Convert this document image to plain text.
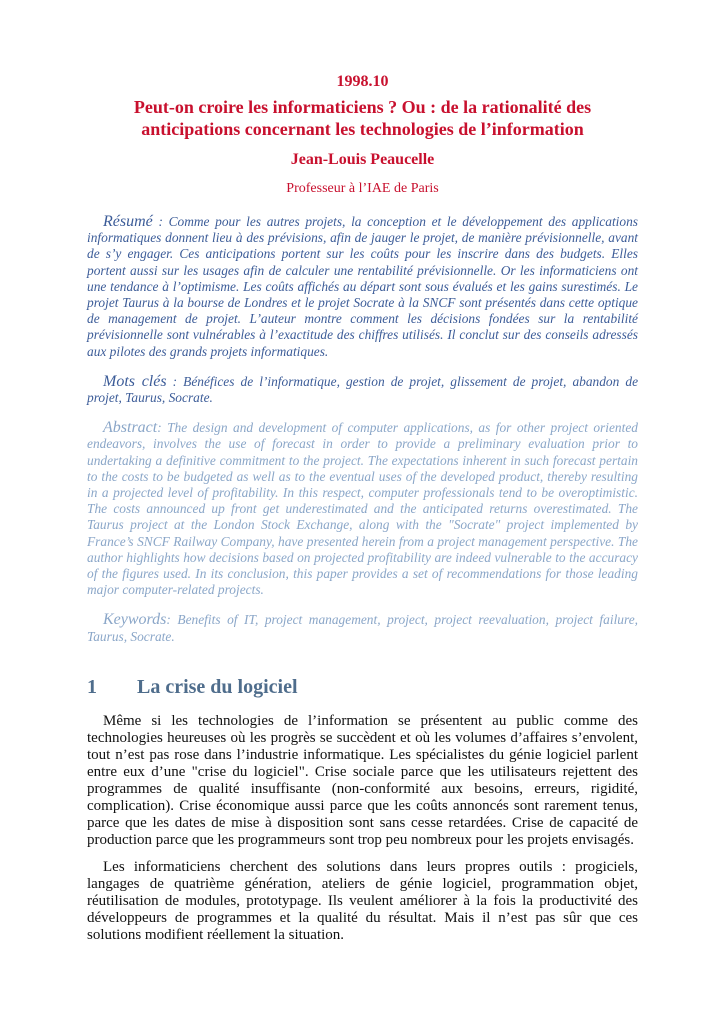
1998.10

Peut-on croire les informaticiens ? Ou : de la rationalité des
anticipations concernant les technologies de l’information

Jean-Louis Peaucelle

Professeur à l’IAE de Paris

Résumé : Comme pour les autres projets, la conception et le développement des applications informatiques donnent lieu à des prévisions, afin de jauger le projet, de manière prévisionnelle, avant de s’y engager. Ces anticipations portent sur les coûts pour les inscrire dans des budgets. Elles portent aussi sur les usages afin de calculer une rentabilité prévisionnelle. Or les informaticiens ont une tendance à l’optimisme. Les coûts affichés au départ sont sous évalués et les gains surestimés. Le projet Taurus à la bourse de Londres et le projet Socrate à la SNCF sont présentés dans cette optique de management de projet. L’auteur montre comment les décisions fondées sur la rentabilité prévisionnelle sont vulnérables à l’exactitude des chiffres utilisés. Il conclut sur des conseils adressés aux pilotes des grands projets informatiques.

Mots clés : Bénéfices de l’informatique, gestion de projet, glissement de projet, abandon de projet, Taurus, Socrate.

Abstract: The design and development of computer applications, as for other project oriented endeavors, involves the use of forecast in order to provide a preliminary evaluation prior to undertaking a definitive commitment to the project. The expectations inherent in such forecast pertain to the costs to be budgeted as well as to the eventual uses of the developed product, thereby resulting in a projected level of profitability. In this respect, computer professionals tend to be overoptimistic. The costs announced up front get underestimated and the anticipated returns overestimated. The Taurus project at the London Stock Exchange, along with the "Socrate" project implemented by France’s SNCF Railway Company, have presented herein from a project management perspective. The author highlights how decisions based on projected profitability are indeed vulnerable to the accuracy of the figures used. In its conclusion, this paper provides a set of recommendations for those leading major computer-related projects.

Keywords: Benefits of IT, project management, project, project reevaluation, project failure, Taurus, Socrate.

1	La crise du logiciel

Même si les technologies de l’information se présentent au public comme des technologies heureuses où les progrès se succèdent et où les volumes d’affaires s’envolent, tout n’est pas rose dans l’industrie informatique. Les spécialistes du génie logiciel parlent entre eux d’une "crise du logiciel". Crise sociale parce que les utilisateurs rejettent des programmes de qualité insuffisante (non-conformité aux besoins, erreurs, rigidité, complication). Crise économique aussi parce que les coûts annoncés sont rarement tenus, parce que les dates de mise à disposition sont sans cesse retardées. Crise de capacité de production parce que les programmeurs sont trop peu nombreux pour les projets envisagés.

Les informaticiens cherchent des solutions dans leurs propres outils : progiciels, langages de quatrième génération, ateliers de génie logiciel, programmation objet, réutilisation de modules, prototypage. Ils veulent améliorer à la fois la productivité des développeurs de programmes et la qualité du résultat. Mais il n’est pas sûr que ces solutions modifient réellement la situation.
